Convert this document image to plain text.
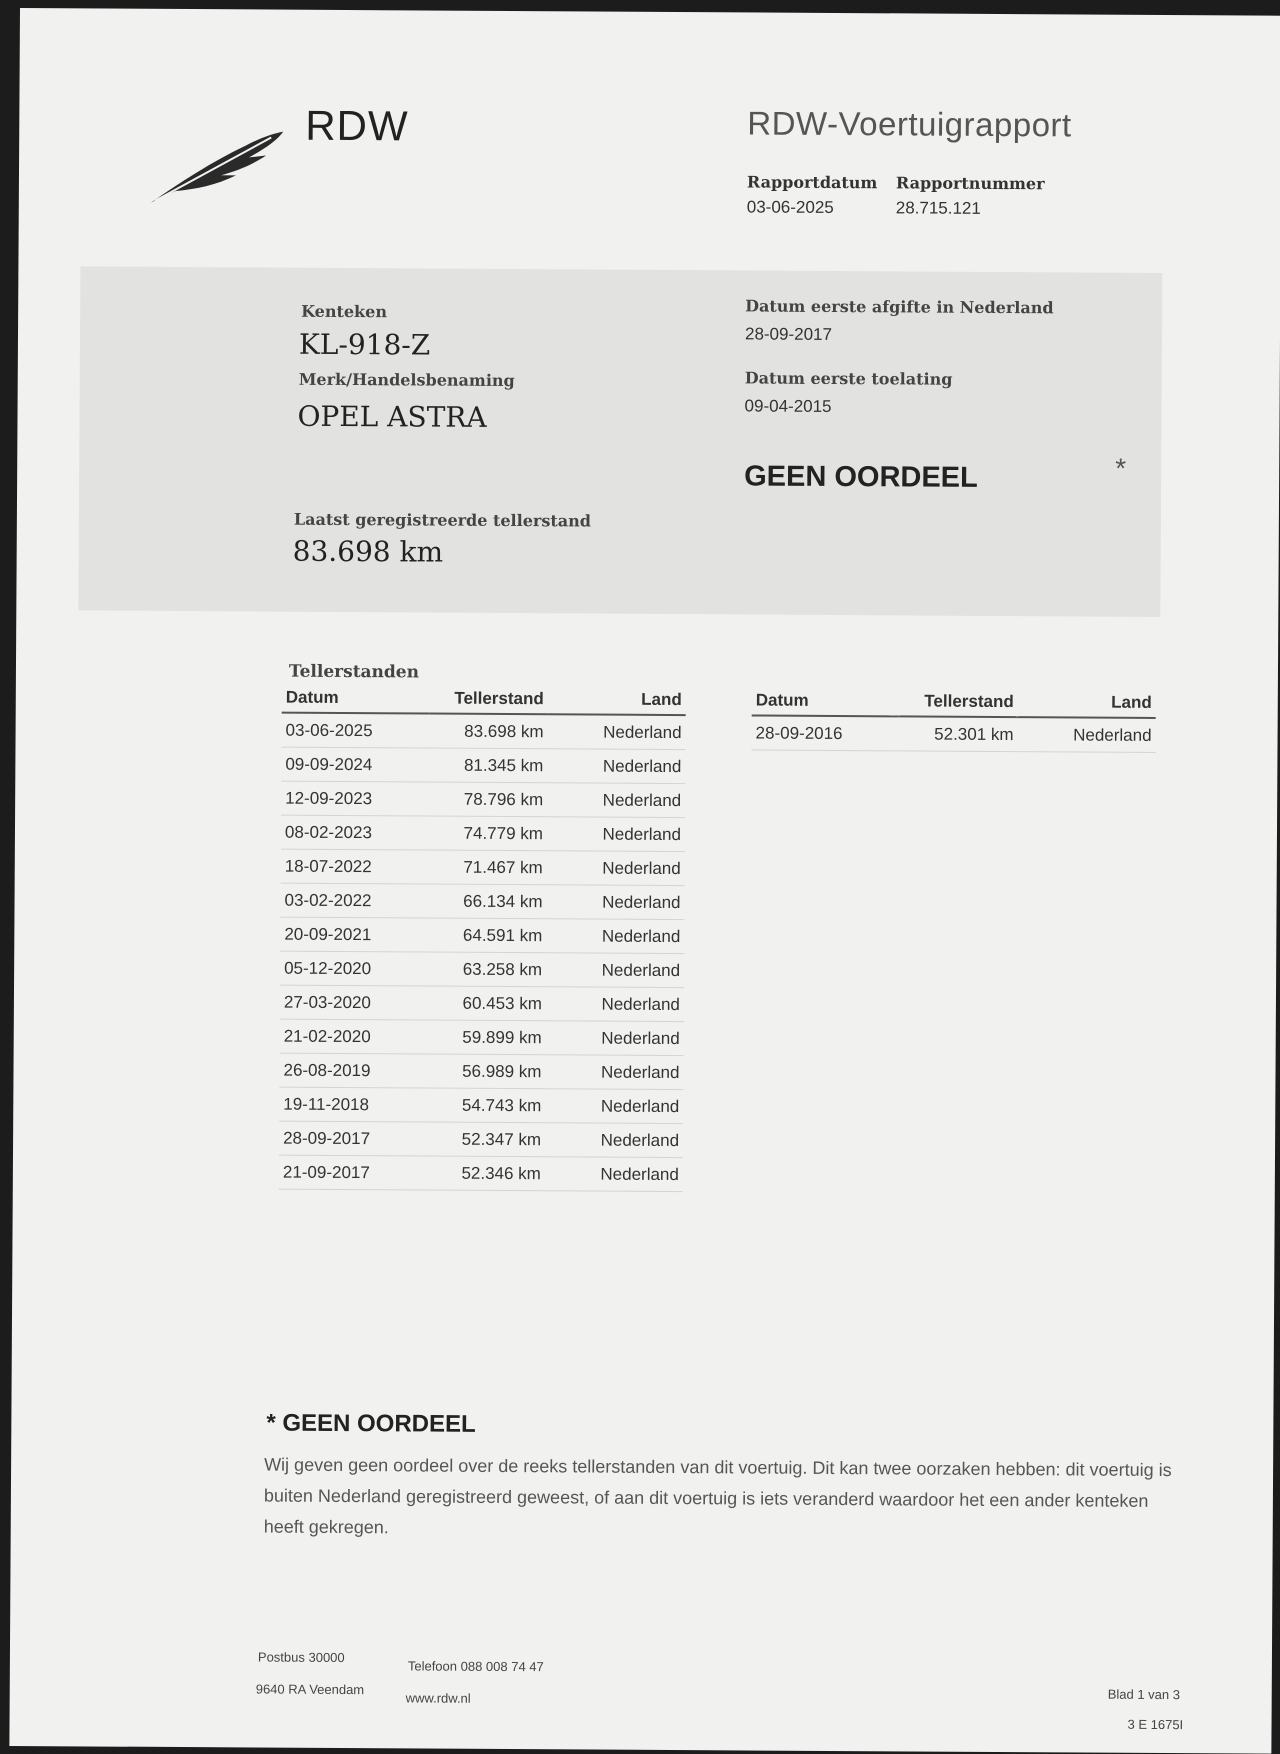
RDW	RDW-Voertuigrapport
Rapportdatum
03-06-2025
Rapportnummer
28.715.121
Kenteken
KL-918-Z
Merk/Handelsbenaming
OPEL ASTRA
Laatst geregistreerde tellerstand
83.698 km
Datum eerste afgifte in Nederland
28-09-2017
Datum eerste toelating
09-04-2015
GEEN OORDEEL	*
Tellerstanden
Datum	Tellerstand	Land
03-06-2025	83.698 km	Nederland
09-09-2024	81.345 km	Nederland
12-09-2023	78.796 km	Nederland
08-02-2023	74.779 km	Nederland
18-07-2022	71.467 km	Nederland
03-02-2022	66.134 km	Nederland
20-09-2021	64.591 km	Nederland
05-12-2020	63.258 km	Nederland
27-03-2020	60.453 km	Nederland
21-02-2020	59.899 km	Nederland
26-08-2019	56.989 km	Nederland
19-11-2018	54.743 km	Nederland
28-09-2017	52.347 km	Nederland
21-09-2017	52.346 km	Nederland
Datum	Tellerstand	Land
28-09-2016	52.301 km	Nederland
* GEEN OORDEEL
Wij geven geen oordeel over de reeks tellerstanden van dit voertuig. Dit kan twee oorzaken hebben: dit voertuig is buiten Nederland geregistreerd geweest, of aan dit voertuig is iets veranderd waardoor het een ander kenteken heeft gekregen.
Postbus 30000
9640 RA Veendam
Telefoon 088 008 74 47
www.rdw.nl	Blad 1 van 3
3 E 1675I
